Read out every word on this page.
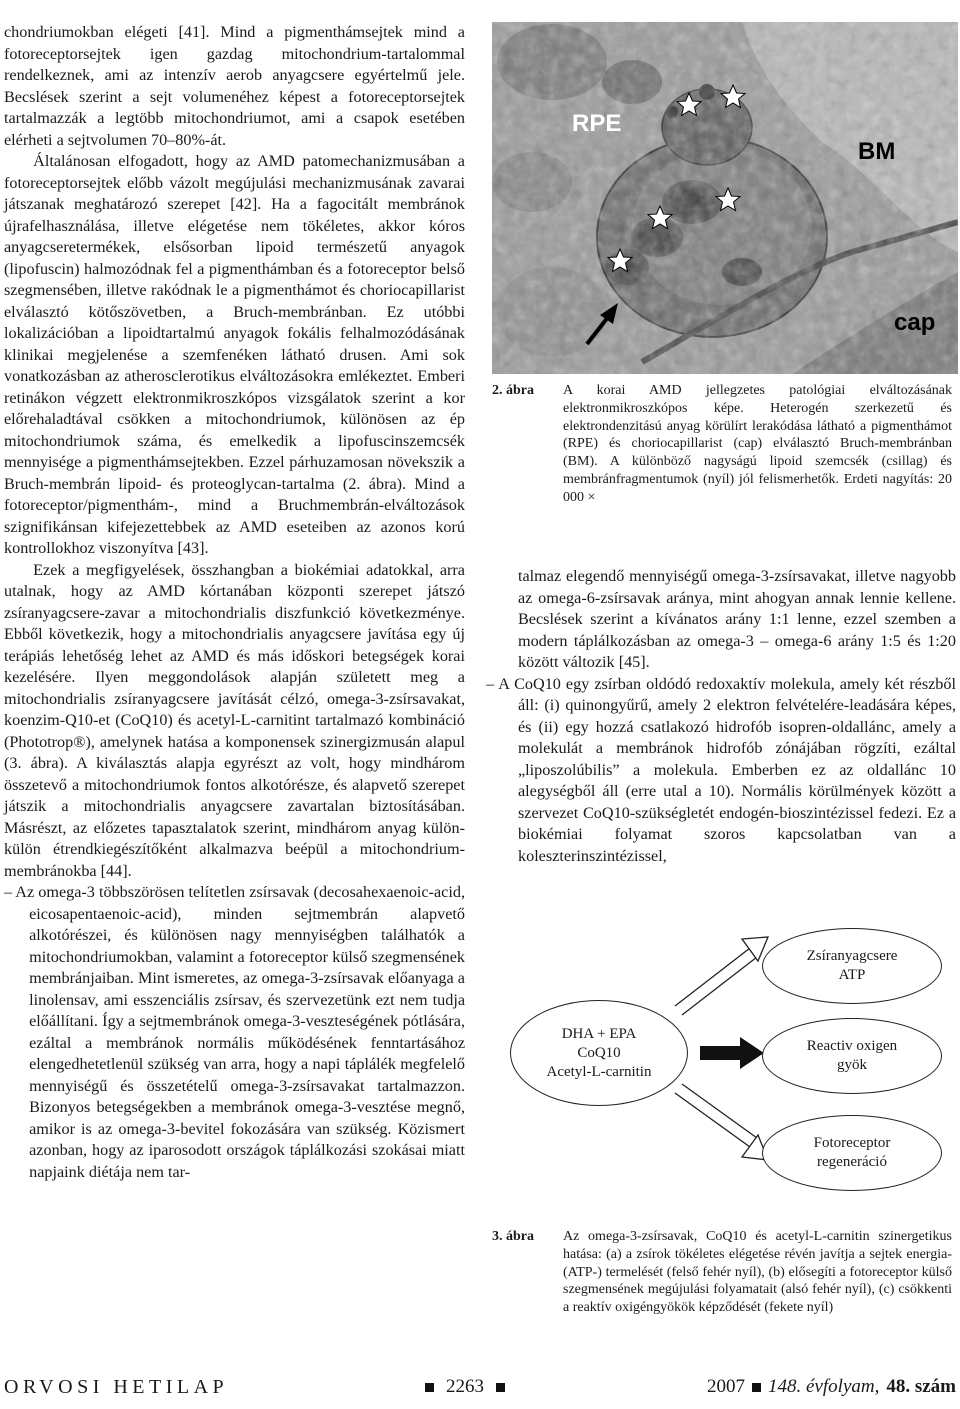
chondriumokban elégeti [41]. Mind a pigmenthámsejtek mind a fotoreceptorsejtek igen gazdag mitochondrium-tartalommal rendelkeznek, ami az intenzív aerob anyagcsere egyértelmű jele. Becslések szerint a sejt volumenéhez képest a fotoreceptorsejtek tartalmazzák a legtöbb mitochondriumot, ami a csapok esetében elérheti a sejtvolumen 70–80%-át.

Általánosan elfogadott, hogy az AMD patomechanizmusában a fotoreceptorsejtek előbb vázolt megújulási mechanizmusának zavarai játszanak meghatározó szerepet [42]. Ha a fagocitált membránok újrafelhasználása, illetve elégetése nem tökéletes, akkor kóros anyagcseretermékek, elsősorban lipoid természetű anyagok (lipofuscin) halmozódnak fel a pigmenthámban és a fotoreceptor belső szegmensében, illetve rakódnak le a pigmenthámot és choriocapillarist elválasztó kötőszövetben, a Bruch-membránban. Ez utóbbi lokalizációban a lipoidtartalmú anyagok fokális felhalmozódásának klinikai megjelenése a szemfenéken látható drusen. Ami sok vonatkozásban az atherosclerotikus elváltozásokra emlékeztet. Emberi retinákon végzett elektronmikroszkópos vizsgálatok szerint a kor előrehaladtával csökken a mitochondriumok, különösen az ép mitochondriumok száma, és emelkedik a lipofuscinszemcsék mennyisége a pigmenthámsejtekben. Ezzel párhuzamosan növekszik a Bruch-membrán lipoid- és proteoglycan-tartalma (2. ábra). Mind a fotoreceptor/pigmenthám-, mind a Bruchmembrán-elváltozások szignifikánsan kifejezettebbek az AMD eseteiben az azonos korú kontrollokhoz viszonyítva [43].

Ezek a megfigyelések, összhangban a biokémiai adatokkal, arra utalnak, hogy az AMD kórtanában központi szerepet játszó zsíranyagcsere-zavar a mitochondrialis diszfunkció következménye. Ebből következik, hogy a mitochondrialis anyagcsere javítása egy új terápiás lehetőség lehet az AMD és más időskori betegségek korai kezelésére. Ilyen meggondolások alapján született meg a mitochondrialis zsíranyagcsere javítását célzó, omega-3-zsírsavakat, koenzim-Q10-et (CoQ10) és acetyl-L-carnitint tartalmazó kombináció (Phototrop®), amelynek hatása a komponensek szinergizmusán alapul (3. ábra). A kiválasztás alapja egyrészt az volt, hogy mindhárom összetevő a mitochondriumok fontos alkotórésze, és alapvető szerepet játszik a mitochondrialis anyagcsere zavartalan biztosításában. Másrészt, az előzetes tapasztalatok szerint, mindhárom anyag külön-külön étrendkiegészítőként alkalmazva beépül a mitochondrium-membránokba [44].

– Az omega-3 többszörösen telítetlen zsírsavak (decosahexaenoic-acid, eicosapentaenoic-acid), minden sejtmembrán alapvető alkotórészei, és különösen nagy mennyiségben találhatók a mitochondriumokban, valamint a fotoreceptor külső szegmensének membránjaiban. Mint ismeretes, az omega-3-zsírsavak előanyaga a linolensav, ami esszenciális zsírsav, és szervezetünk ezt nem tudja előállítani. Így a sejtmembránok omega-3-veszteségének pótlására, ezáltal a membránok normális működésének fenntartásához elengedhetetlenül szükség van arra, hogy a napi táplálék megfelelő mennyiségű és összetételű omega-3-zsírsavakat tartalmazzon. Bizonyos betegségekben a membránok omega-3-vesztése megnő, amikor is az omega-3-bevitel fokozására van szükség. Közismert azonban, hogy az iparosodott országok táplálkozási szokásai miatt napjaink diétája nem tar-

RPE
BM
cap
2. ábra A korai AMD jellegzetes patológiai elváltozásának elektronmikroszkópos képe. Heterogén szerkezetű és elektrondenzitású anyag körülírt lerakódása látható a pigmenthámot (RPE) és choriocapillarist (cap) elválasztó Bruch-membránban (BM). A különböző nagyságú lipoid szemcsék (csillag) és membránfragmentumok (nyíl) jól felismerhetők. Erdeti nagyítás: 20 000 ×

talmaz elegendő mennyiségű omega-3-zsírsavakat, illetve nagyobb az omega-6-zsírsavak aránya, mint ahogyan annak lennie kellene. Becslések szerint a kívánatos arány 1:1 lenne, ezzel szemben a modern táplálkozásban az omega-3 – omega-6 arány 1:5 és 1:20 között változik [45].

– A CoQ10 egy zsírban oldódó redoxaktív molekula, amely két részből áll: (i) quinongyűrű, amely 2 elektron felvételére-leadására képes, és (ii) egy hozzá csatlakozó hidrofób isopren-oldallánc, amely a molekulát a membránok hidrofób zónájában rögzíti, ezáltal „liposzolúbilis” a molekula. Emberben ez az oldallánc 10 alegységből áll (erre utal a 10). Normális körülmények között a szervezet CoQ10-szükségletét endogén-bioszintézissel fedezi. Ez a biokémiai folyamat szoros kapcsolatban van a koleszterinszintézissel,

DHA + EPA
CoQ10
Acetyl-L-carnitin
Zsíranyagcsere
ATP
Reactiv oxigen
gyök
Fotoreceptor
regeneráció
3. ábra Az omega-3-zsírsavak, CoQ10 és acetyl-L-carnitin szinergetikus hatása: (a) a zsírok tökéletes elégetése révén javítja a sejtek energia- (ATP-) termelését (felső fehér nyíl), (b) elősegíti a fotoreceptor külső szegmensének megújulási folyamatait (alsó fehér nyíl), (c) csökkenti a reaktív oxigéngyökök képződését (fekete nyíl)
ORVOSI HETILAP	2263	2007 148. évfolyam, 48. szám
